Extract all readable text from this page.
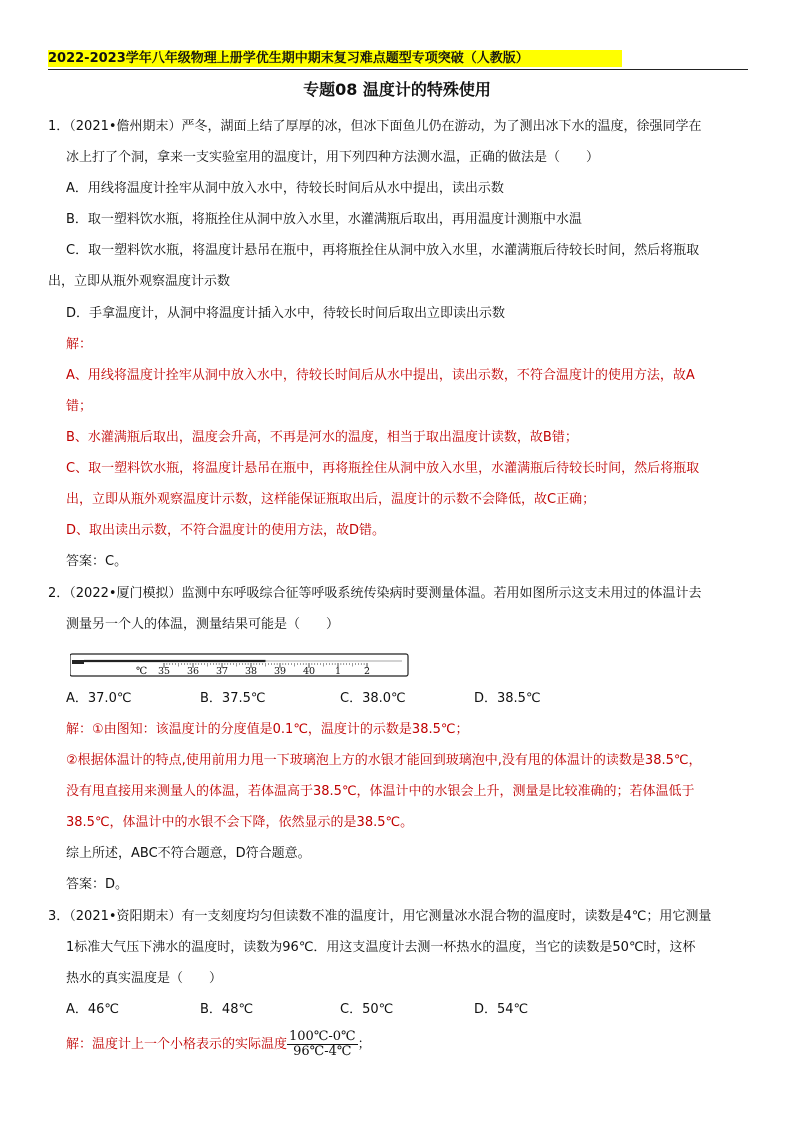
2022-2023学年八年级物理上册学优生期中期末复习难点题型专项突破（人教版）
专题08 温度计的特殊使用
1．（2021•儋州期末）严冬，湖面上结了厚厚的冰，但冰下面鱼儿仍在游动，为了测出冰下水的温度，徐强同学在
冰上打了个洞，拿来一支实验室用的温度计，用下列四种方法测水温，正确的做法是（　　）
A．用线将温度计拴牢从洞中放入水中，待较长时间后从水中提出，读出示数
B．取一塑料饮水瓶，将瓶拴住从洞中放入水里，水灌满瓶后取出，再用温度计测瓶中水温
C．取一塑料饮水瓶，将温度计悬吊在瓶中，再将瓶拴住从洞中放入水里，水灌满瓶后待较长时间，然后将瓶取
出，立即从瓶外观察温度计示数
D．手拿温度计，从洞中将温度计插入水中，待较长时间后取出立即读出示数
解：
A、用线将温度计拴牢从洞中放入水中，待较长时间后从水中提出，读出示数，不符合温度计的使用方法，故A
错；
B、水灌满瓶后取出，温度会升高，不再是河水的温度，相当于取出温度计读数，故B错；
C、取一塑料饮水瓶，将温度计悬吊在瓶中，再将瓶拴住从洞中放入水里，水灌满瓶后待较长时间，然后将瓶取
出，立即从瓶外观察温度计示数，这样能保证瓶取出后，温度计的示数不会降低，故C正确；
D、取出读出示数，不符合温度计的使用方法，故D错。
答案：C。
2．（2022•厦门模拟）监测中东呼吸综合征等呼吸系统传染病时要测量体温。若用如图所示这支未用过的体温计去
测量另一个人的体温，测量结果可能是（　　）
℃ 35 36 37 38 39 40 1 2
A．37.0℃	B．37.5℃	C．38.0℃	D．38.5℃
解：①由图知：该温度计的分度值是0.1℃，温度计的示数是38.5℃；
②根据体温计的特点,使用前用力甩一下玻璃泡上方的水银才能回到玻璃泡中,没有甩的体温计的读数是38.5℃，
没有甩直接用来测量人的体温，若体温高于38.5℃，体温计中的水银会上升，测量是比较准确的；若体温低于
38.5℃，体温计中的水银不会下降，依然显示的是38.5℃。
综上所述，ABC不符合题意，D符合题意。
答案：D。
3．（2021•资阳期末）有一支刻度均匀但读数不准的温度计，用它测量冰水混合物的温度时，读数是4℃；用它测量
1标准大气压下沸水的温度时，读数为96℃．用这支温度计去测一杯热水的温度，当它的读数是50℃时，这杯
热水的真实温度是（　　）
A．46℃	B．48℃	C．50℃	D．54℃
解：温度计上一个小格表示的实际温度 $\frac{100℃-0℃}{96℃-4℃}$ ；
